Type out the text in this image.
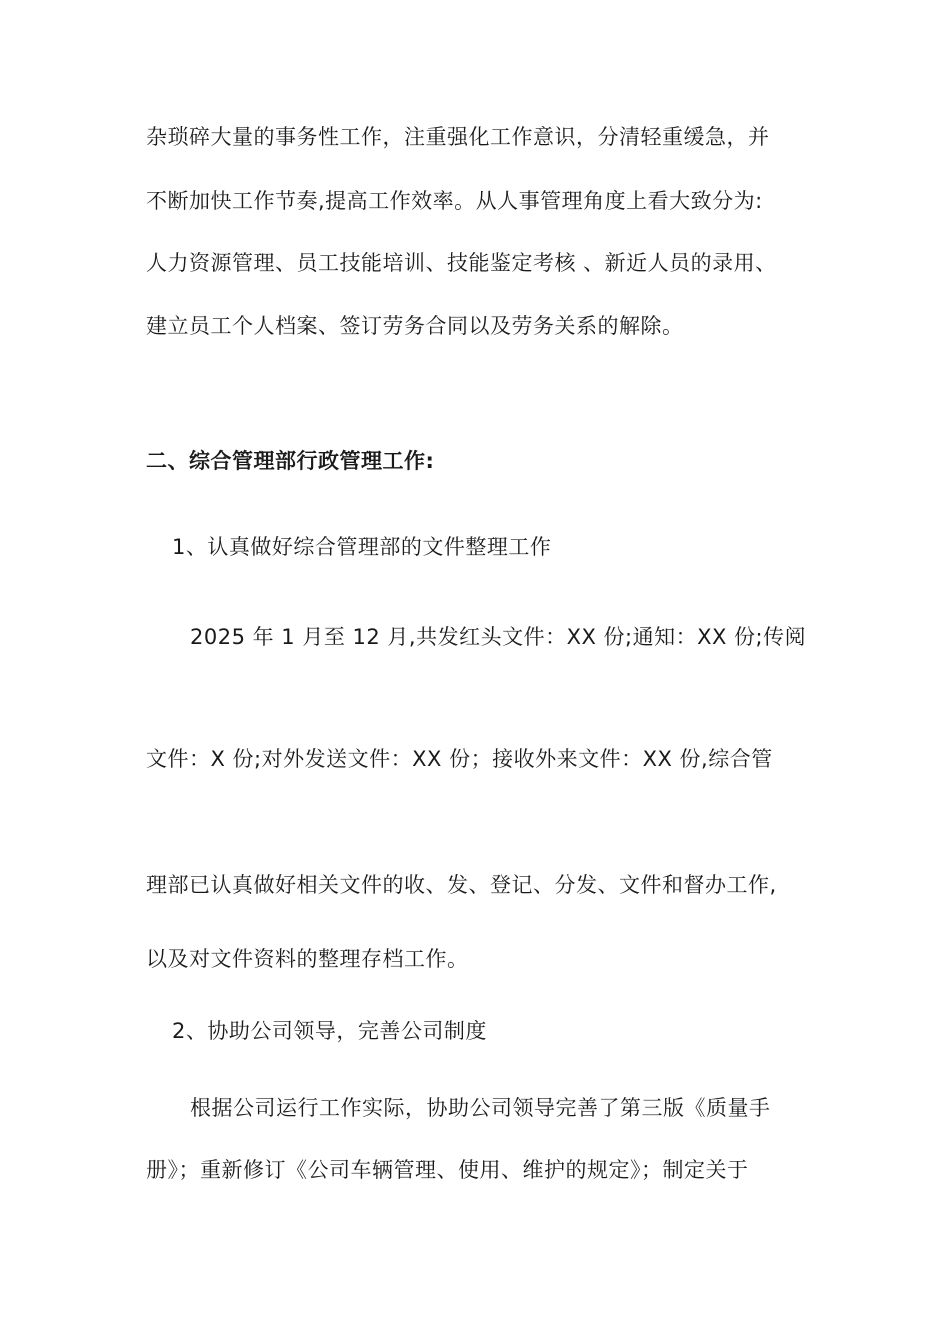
杂琐碎大量的事务性工作，注重强化工作意识，分清轻重缓急，并
不断加快工作节奏,提高工作效率。从人事管理角度上看大致分为:
人力资源管理、员工技能培训、技能鉴定考核 、新近人员的录用、
建立员工个人档案、签订劳务合同以及劳务关系的解除。
二、综合管理部行政管理工作:
1、认真做好综合管理部的文件整理工作
2025 年 1 月至 12 月,共发红头文件：XX 份;通知：XX 份;传阅
文件：X 份;对外发送文件：XX 份；接收外来文件：XX 份,综合管
理部已认真做好相关文件的收、发、登记、分发、文件和督办工作,
以及对文件资料的整理存档工作。
2、协助公司领导，完善公司制度
根据公司运行工作实际，协助公司领导完善了第三版《质量手
册》；重新修订《公司车辆管理、使用、维护的规定》；制定关于
